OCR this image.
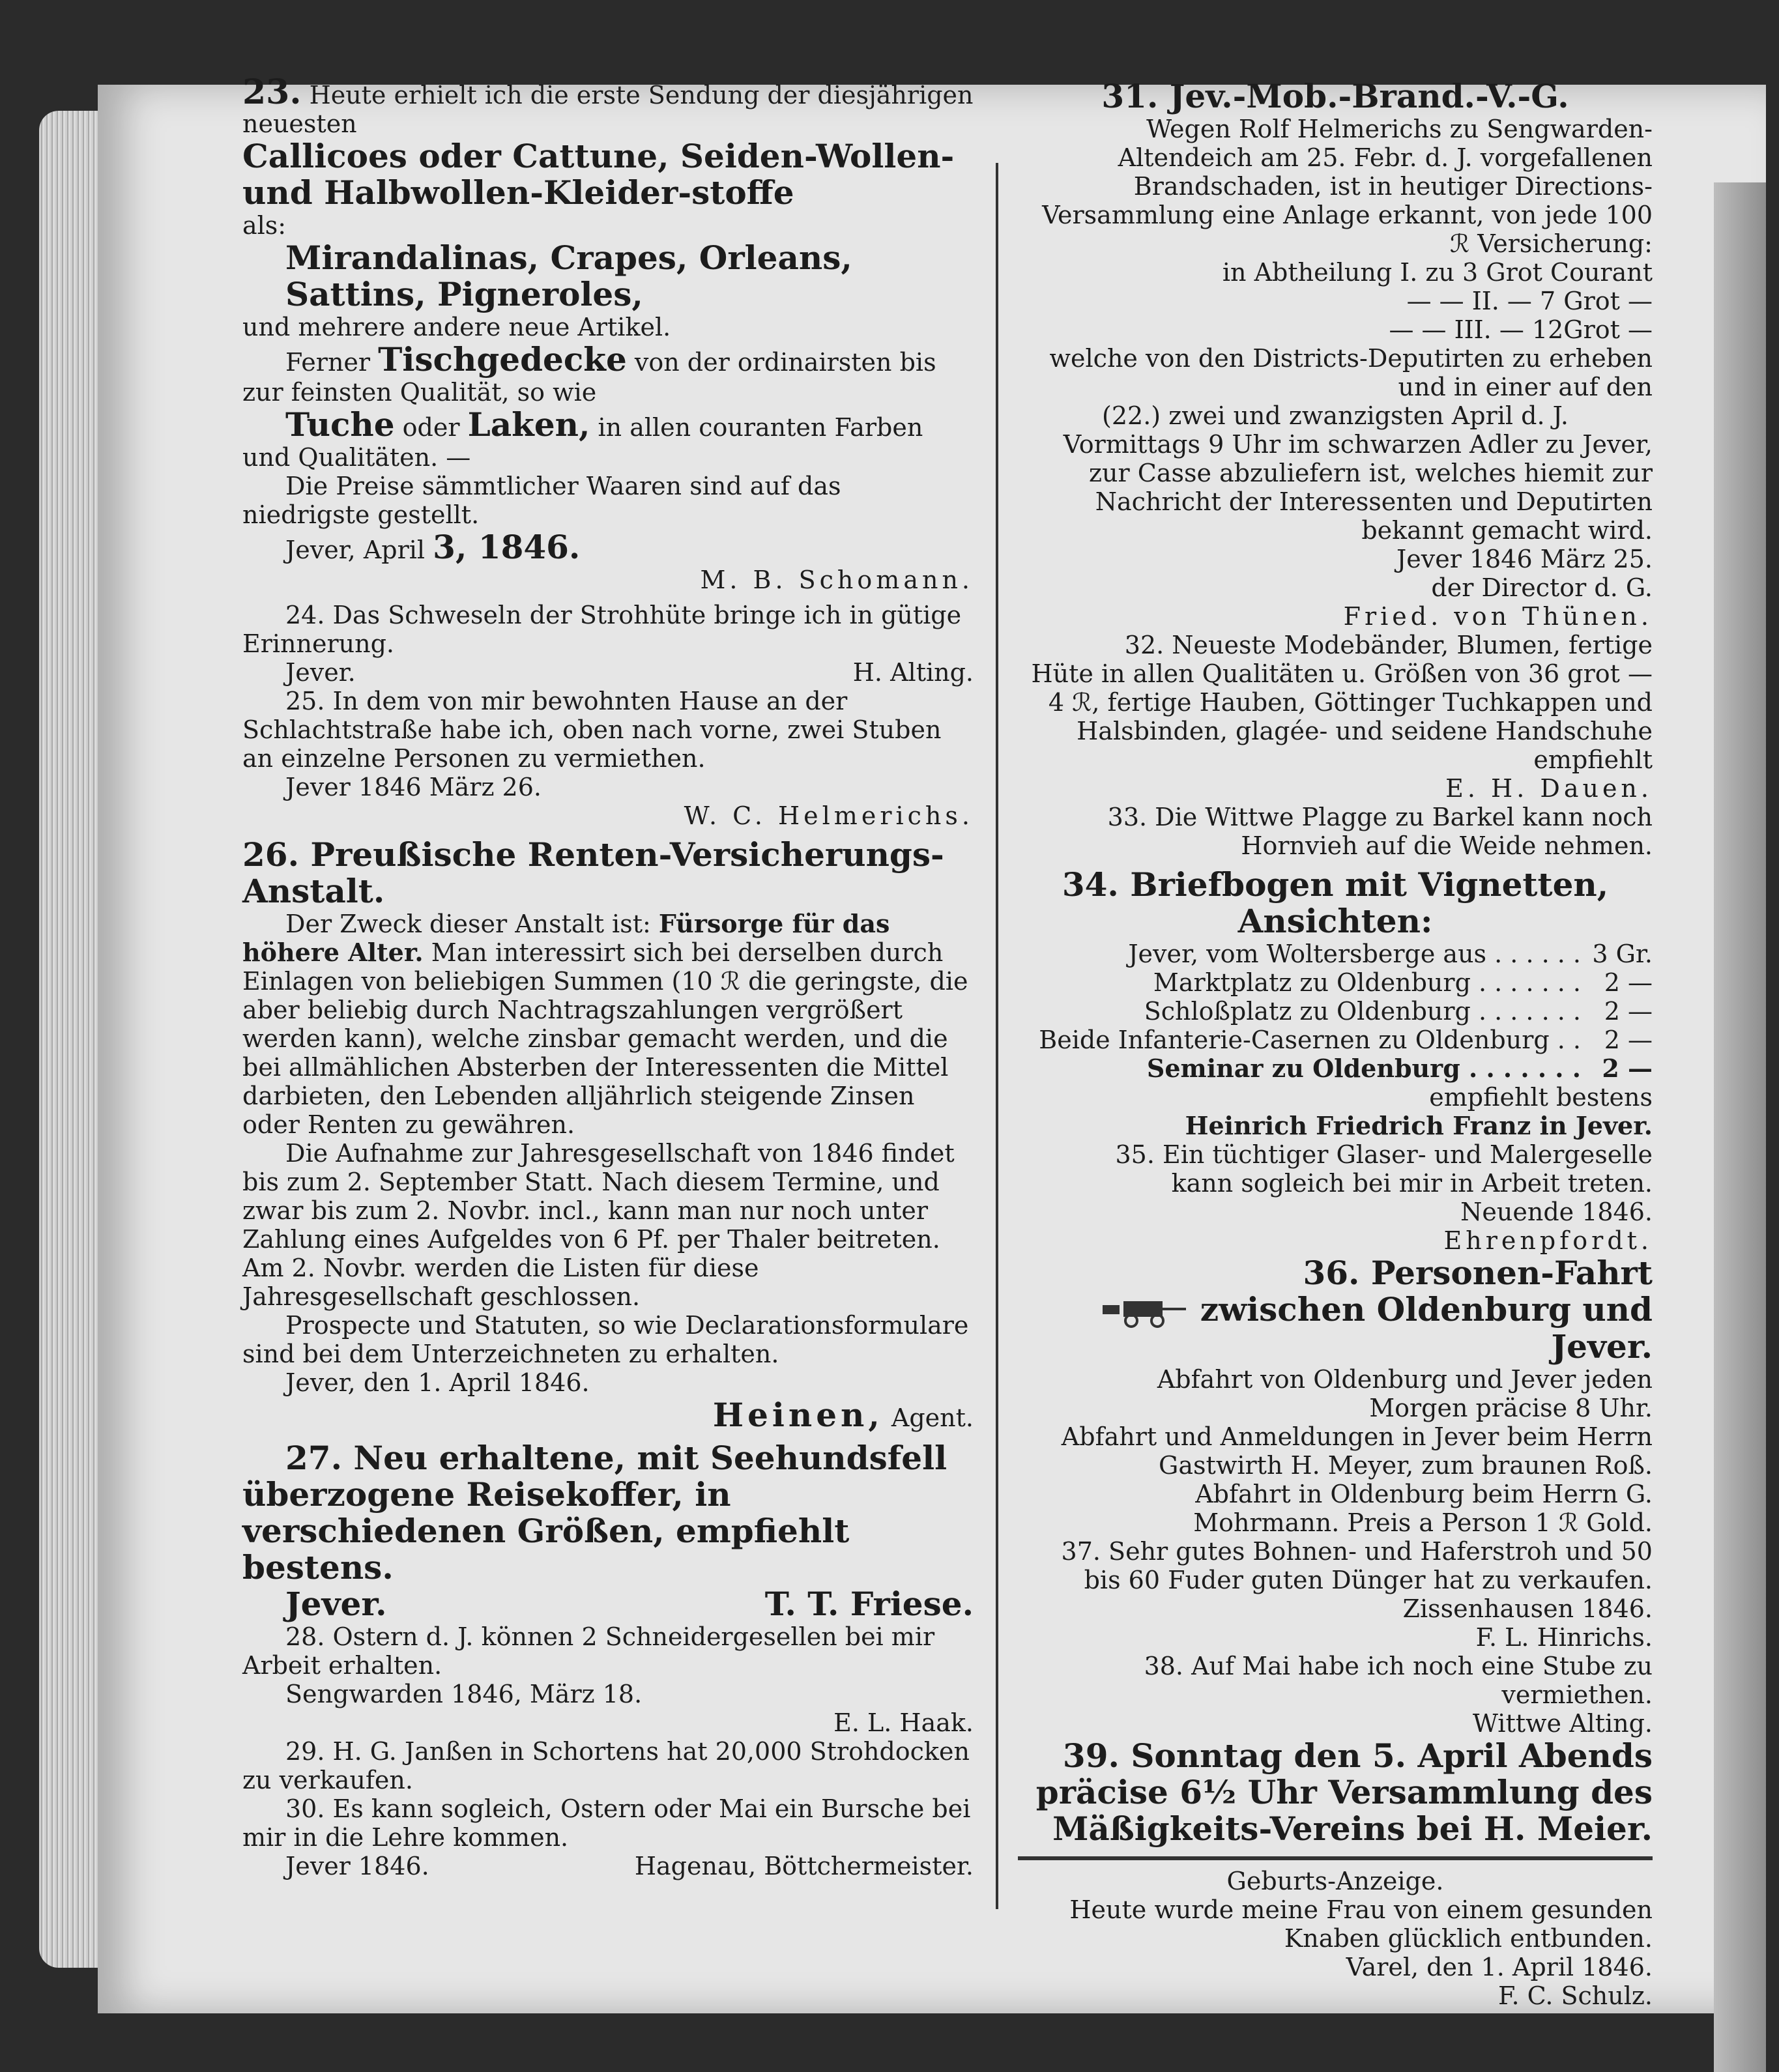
23. Heute erhielt ich die erste Sendung der diesjährigen neuesten

Callicoes oder Cattune, Seiden-Wollen- und Halbwollen-Kleider-stoffe

als:

Mirandalinas, Crapes, Orleans, Sattins, Pigneroles,

und mehrere andere neue Artikel.

Ferner Tischgedecke von der ordinairsten bis zur feinsten Qualität, so wie

Tuche oder Laken, in allen couranten Farben und Qualitäten. —

Die Preise sämmtlicher Waaren sind auf das niedrigste gestellt.

Jever, April 3, 1846.

M. B. Schomann.

24. Das Schweseln der Strohhüte bringe ich in gütige Erinnerung.

Jever.	H. Alting.

25. In dem von mir bewohnten Hause an der Schlachtstraße habe ich, oben nach vorne, zwei Stuben an einzelne Personen zu vermiethen.

Jever 1846 März 26.

W. C. Helmerichs.

26. Preußische Renten-Versicherungs-Anstalt.

Der Zweck dieser Anstalt ist: Fürsorge für das höhere Alter. Man interessirt sich bei derselben durch Einlagen von beliebigen Summen (10 ℛ die geringste, die aber beliebig durch Nachtragszahlungen vergrößert werden kann), welche zinsbar gemacht werden, und die bei allmählichen Absterben der Interessenten die Mittel darbieten, den Lebenden alljährlich steigende Zinsen oder Renten zu gewähren.

Die Aufnahme zur Jahresgesellschaft von 1846 findet bis zum 2. September Statt. Nach diesem Termine, und zwar bis zum 2. Novbr. incl., kann man nur noch unter Zahlung eines Aufgeldes von 6 Pf. per Thaler beitreten. Am 2. Novbr. werden die Listen für diese Jahresgesellschaft geschlossen.

Prospecte und Statuten, so wie Declarationsformulare sind bei dem Unterzeichneten zu erhalten.

Jever, den 1. April 1846.

Heinen, Agent.

27. Neu erhaltene, mit Seehundsfell überzogene Reisekoffer, in verschiedenen Größen, empfiehlt bestens.

Jever.	T. T. Friese.

28. Ostern d. J. können 2 Schneidergesellen bei mir Arbeit erhalten.

Sengwarden 1846, März 18.

E. L. Haak.

29. H. G. Janßen in Schortens hat 20,000 Strohdocken zu verkaufen.

30. Es kann sogleich, Ostern oder Mai ein Bursche bei mir in die Lehre kommen.

Jever 1846.	Hagenau, Böttchermeister.

31. Jev.-Mob.-Brand.-V.-G.

Wegen Rolf Helmerichs zu Sengwarden-Altendeich am 25. Febr. d. J. vorgefallenen Brandschaden, ist in heutiger Directions-Versammlung eine Anlage erkannt, von jede 100 ℛ Versicherung:

in Abtheilung I. zu 3 Grot Courant

— — II. — 7 Grot —

— — III. — 12Grot —

welche von den Districts-Deputirten zu erheben und in einer auf den

(22.) zwei und zwanzigsten April d. J.

Vormittags 9 Uhr im schwarzen Adler zu Jever, zur Casse abzuliefern ist, welches hiemit zur Nachricht der Interessenten und Deputirten bekannt gemacht wird.

Jever 1846 März 25.

der Director d. G.

Fried. von Thünen.

32. Neueste Modebänder, Blumen, fertige Hüte in allen Qualitäten u. Größen von 36 grot — 4 ℛ, fertige Hauben, Göttinger Tuchkappen und Halsbinden, glagée- und seidene Handschuhe empfiehlt

E. H. Dauen.

33. Die Wittwe Plagge zu Barkel kann noch Hornvieh auf die Weide nehmen.

34. Briefbogen mit Vignetten, Ansichten:

Jever, vom Woltersberge aus . . . . . . 3 Gr.
Marktplatz zu Oldenburg . . . . . . . 2 —
Schloßplatz zu Oldenburg . . . . . . . 2 —
Beide Infanterie-Casernen zu Oldenburg . . 2 —
Seminar zu Oldenburg . . . . . . . 2 —

empfiehlt bestens

Heinrich Friedrich Franz in Jever.

35. Ein tüchtiger Glaser- und Malergeselle kann sogleich bei mir in Arbeit treten.

Neuende 1846.

Ehrenpfordt.

36. Personen-Fahrt

zwischen Oldenburg und Jever.

Abfahrt von Oldenburg und Jever jeden Morgen präcise 8 Uhr.

Abfahrt und Anmeldungen in Jever beim Herrn Gastwirth H. Meyer, zum braunen Roß.

Abfahrt in Oldenburg beim Herrn G. Mohrmann. Preis a Person 1 ℛ Gold.

37. Sehr gutes Bohnen- und Haferstroh und 50 bis 60 Fuder guten Dünger hat zu verkaufen.

Zissenhausen 1846.

F. L. Hinrichs.

38. Auf Mai habe ich noch eine Stube zu vermiethen.

Wittwe Alting.

39. Sonntag den 5. April Abends präcise 6½ Uhr Versammlung des Mäßigkeits-Vereins bei H. Meier.

Geburts-Anzeige.

Heute wurde meine Frau von einem gesunden Knaben glücklich entbunden.

Varel, den 1. April 1846.

F. C. Schulz.
